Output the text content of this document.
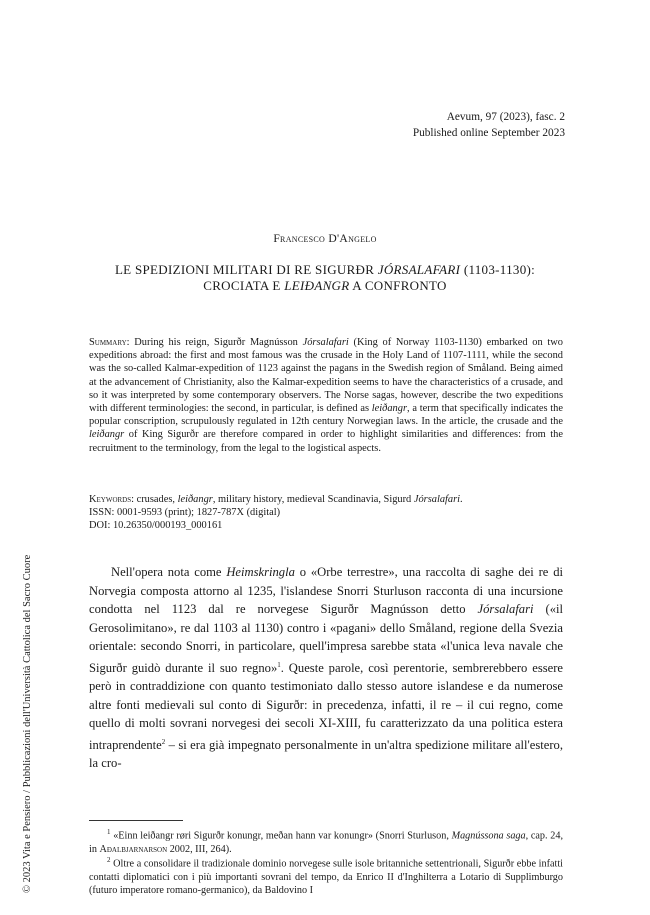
© 2023 Vita e Pensiero / Pubblicazioni dell'Università Cattolica del Sacro Cuore
Aevum, 97 (2023), fasc. 2
Published online September 2023
Francesco D'Angelo
LE SPEDIZIONI MILITARI DI RE SIGURÐR JÓRSALAFARI (1103-1130):
CROCIATA E LEIÐANGR A CONFRONTO
Summary: During his reign, Sigurðr Magnússon Jórsalafari (King of Norway 1103-1130) embarked on two expeditions abroad: the first and most famous was the crusade in the Holy Land of 1107-1111, while the second was the so-called Kalmar-expedition of 1123 against the pagans in the Swedish region of Småland. Being aimed at the advancement of Christianity, also the Kalmar-expedition seems to have the characteristics of a crusade, and so it was interpreted by some contemporary observers. The Norse sagas, however, describe the two expeditions with different terminologies: the second, in particular, is defined as leiðangr, a term that specifically indicates the popular conscription, scrupulously regulated in 12th century Norwegian laws. In the article, the crusade and the leiðangr of King Sigurðr are therefore compared in order to highlight similarities and differences: from the recruitment to the terminology, from the legal to the logistical aspects.
Keywords: crusades, leiðangr, military history, medieval Scandinavia, Sigurd Jórsalafari.
ISSN: 0001-9593 (print); 1827-787X (digital)
DOI: 10.26350/000193_000161
Nell'opera nota come Heimskringla o «Orbe terrestre», una raccolta di saghe dei re di Norvegia composta attorno al 1235, l'islandese Snorri Sturluson racconta di una incursione condotta nel 1123 dal re norvegese Sigurðr Magnússon detto Jórsalafari («il Gerosolimitano», re dal 1103 al 1130) contro i «pagani» dello Småland, regione della Svezia orientale: secondo Snorri, in particolare, quell'impresa sarebbe stata «l'unica leva navale che Sigurðr guidò durante il suo regno»$^1$. Queste parole, così perentorie, sembrerebbero essere però in contraddizione con quanto testimoniato dallo stesso autore islandese e da numerose altre fonti medievali sul conto di Sigurðr: in precedenza, infatti, il re – il cui regno, come quello di molti sovrani norvegesi dei secoli XI-XIII, fu caratterizzato da una politica estera intraprendente$^2$ – si era già impegnato personalmente in un'altra spedizione militare all'estero, la cro-
$^1$ «Einn leiðangr røri Sigurðr konungr, meðan hann var konungr» (Snorri Sturluson, Magnússona saga, cap. 24, in Aðalbjarnarson 2002, III, 264).
$^2$ Oltre a consolidare il tradizionale dominio norvegese sulle isole britanniche settentrionali, Sigurðr ebbe infatti contatti diplomatici con i più importanti sovrani del tempo, da Enrico II d'Inghilterra a Lotario di Supplimburgo (futuro imperatore romano-germanico), da Baldovino I
